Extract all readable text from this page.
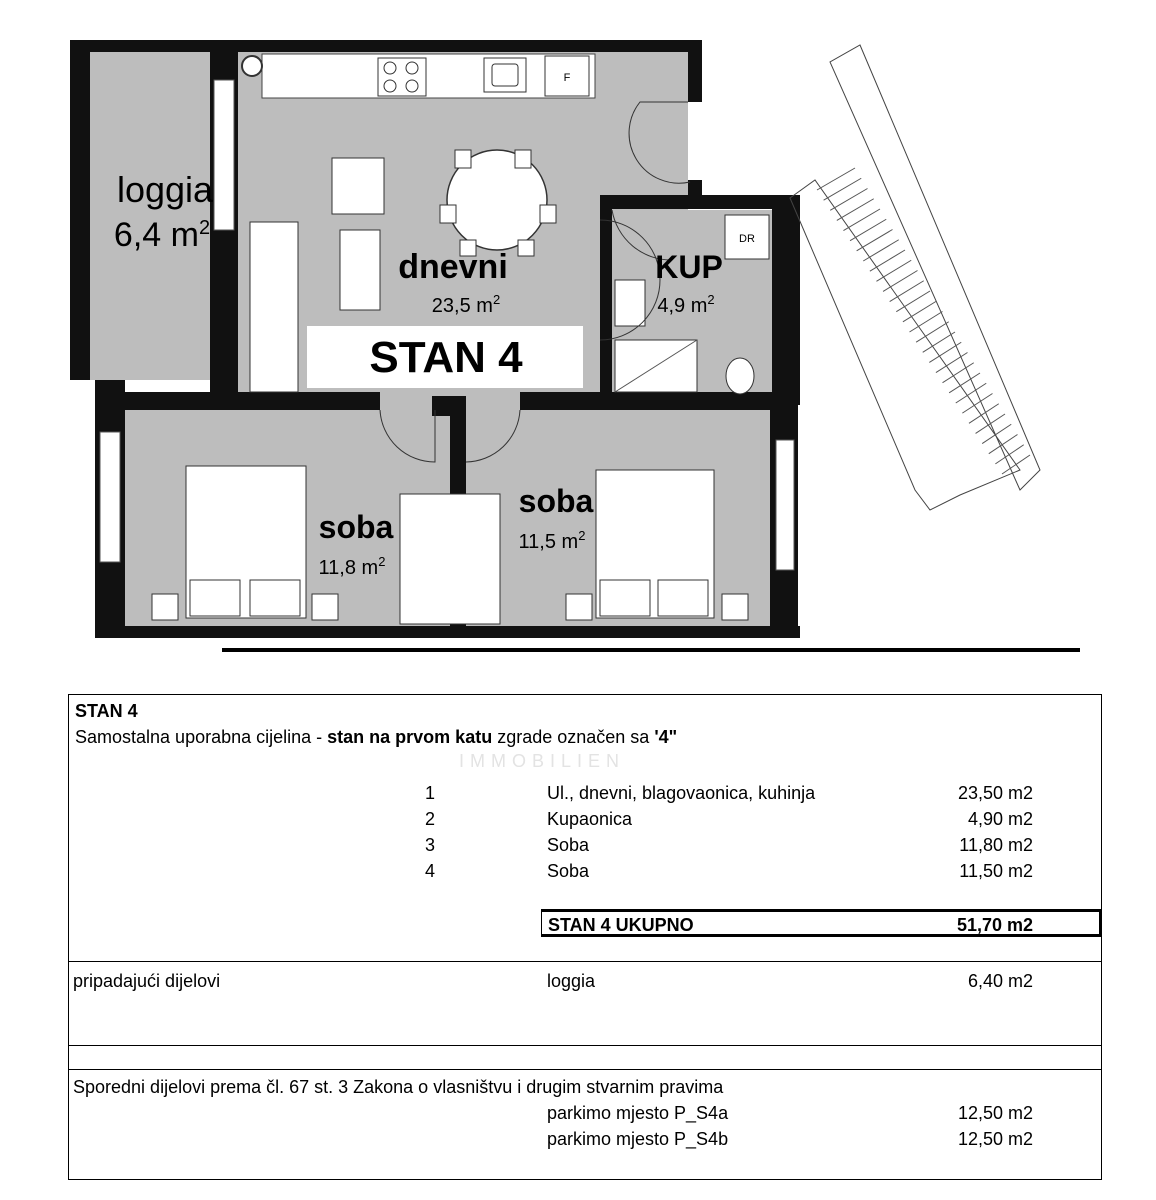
F
DR
loggia
6,4 $m^2$
dnevni
23,5 $m^2$
STAN 4
KUP
4,9 $m^2$
soba
11,8 $m^2$
soba
11,5 $m^2$
STAN 4
Samostalna uporabna cijelina - stan na prvom katu zgrade označen sa '4"
IMMOBILIEN
1	Ul., dnevni, blagovaonica, kuhinja	23,50 m2
2	Kupaonica	4,90 m2
3	Soba	11,80 m2
4	Soba	11,50 m2
STAN 4 UKUPNO	51,70 m2
pripadajući dijelovi	loggia	6,40 m2
Sporedni dijelovi prema čl. 67 st. 3 Zakona o vlasništvu i drugim stvarnim pravima
parkimo mjesto P_S4a	12,50 m2
parkimo mjesto P_S4b	12,50 m2
